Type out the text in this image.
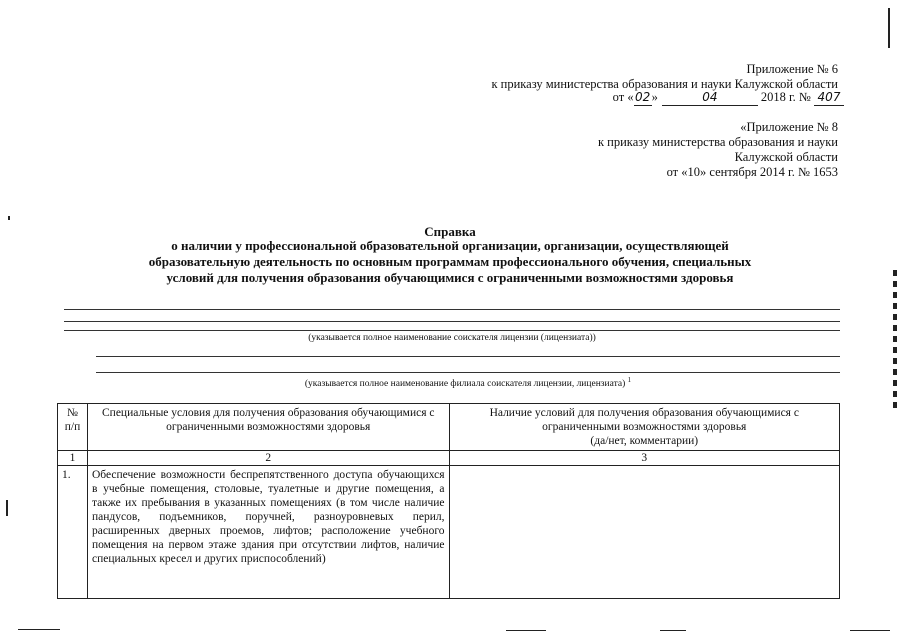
Приложение № 6
к приказу министерства образования и науки Калужской области
от «02»	04	2018 г. № 407
«Приложение № 8
к приказу министерства образования и науки
Калужской области
от «10» сентября 2014 г. № 1653
Справка
о наличии у профессиональной образовательной организации, организации, осуществляющей
образовательную деятельность по основным программам профессионального обучения, специальных
условий для получения образования обучающимися с ограниченными возможностями здоровья
(указывается полное наименование соискателя лицензии (лицензиата))
(указывается полное наименование филиала соискателя лицензии, лицензиата) $^1$
№ п/п	Специальные условия для получения образования обучающимися с ограниченными возможностями здоровья	Наличие условий для получения образования обучающимися с
ограниченными возможностями здоровья
(да/нет, комментарии)

1	2	3
1.	Обеспечение возможности беспрепятственного доступа обучающихся в учебные помещения, столовые, туалетные и другие помещения, а также их пребывания в указанных помещениях (в том числе наличие пандусов, подъемников, поручней, разноуровневых перил, расширенных дверных проемов, лифтов; расположение учебного помещения на первом этаже здания при отсутствии лифтов, наличие специальных кресел и других приспособлений)	
